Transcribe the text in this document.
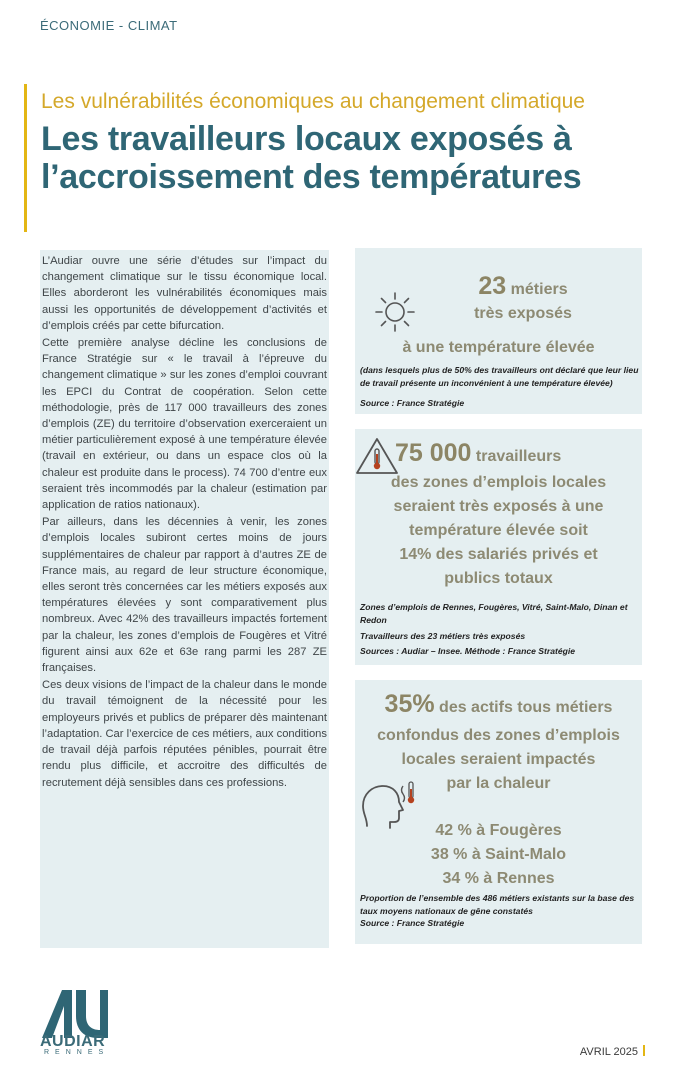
ÉCONOMIE - CLIMAT
Les vulnérabilités économiques au changement climatique
Les travailleurs locaux exposés à l’accroissement des températures

L’Audiar ouvre une série d’études sur l’impact du changement climatique sur le tissu économique local. Elles aborderont les vulnérabilités économiques mais aussi les opportunités de développement d’activités et d’emplois créés par cette bifurcation.

Cette première analyse décline les conclusions de France Stratégie sur « le travail à l’épreuve du changement climatique » sur les zones d’emploi couvrant les EPCI du Contrat de coopération. Selon cette méthodologie, près de 117 000 travailleurs des zones d’emplois (ZE) du territoire d’observation exerceraient un métier particulièrement exposé à une température élevée (travail en extérieur, ou dans un espace clos où la chaleur est produite dans le process). 74 700 d’entre eux seraient très incommodés par la chaleur (estimation par application de ratios nationaux).

Par ailleurs, dans les décennies à venir, les zones d’emplois locales subiront certes moins de jours supplémentaires de chaleur par rapport à d’autres ZE de France mais, au regard de leur structure économique, elles seront très concernées car les métiers exposés aux températures élevées y sont comparativement plus nombreux. Avec 42% des travailleurs impactés fortement par la chaleur, les zones d’emplois de Fougères et Vitré figurent ainsi aux 62e et 63e rang parmi les 287 ZE françaises.

Ces deux visions de l’impact de la chaleur dans le monde du travail témoignent de la nécessité pour les employeurs privés et publics de préparer dès maintenant l’adaptation. Car l’exercice de ces métiers, aux conditions de travail déjà parfois réputées pénibles, pourrait être rendu plus difficile, et accroitre des difficultés de recrutement déjà sensibles dans ces professions.

23 métiers
très exposés
à une température élevée
(dans lesquels plus de 50% des travailleurs ont déclaré que leur lieu de travail présente un inconvénient à une température élevée)
Source : France Stratégie
75 000 travailleurs
des zones d’emplois locales
seraient très exposés à une
température élevée soit
14% des salariés privés et
publics totaux
Zones d’emplois de Rennes, Fougères, Vitré, Saint-Malo, Dinan et Redon
Travailleurs des 23 métiers très exposés
Sources : Audiar – Insee. Méthode : France Stratégie
35% des actifs tous métiers
confondus des zones d’emplois
locales seraient impactés
par la chaleur
42 % à Fougères
38 % à Saint-Malo
34 % à Rennes
Proportion de l’ensemble des 486 métiers existants sur la base des taux moyens nationaux de gêne constatés
Source : France Stratégie
AUDIAR
RENNES	AVRIL 2025
